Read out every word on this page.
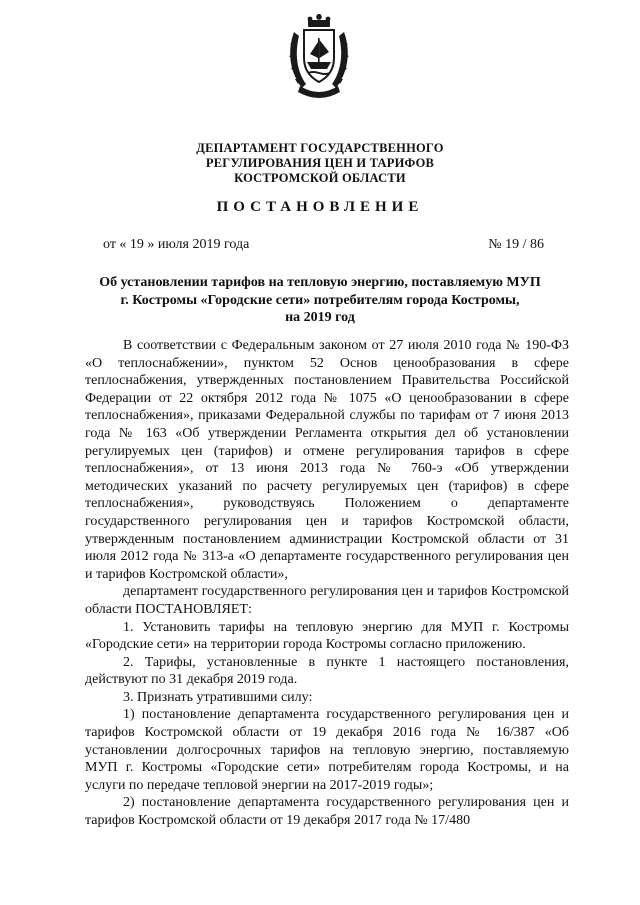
ДЕПАРТАМЕНТ ГОСУДАРСТВЕННОГО
РЕГУЛИРОВАНИЯ ЦЕН И ТАРИФОВ
КОСТРОМСКОЙ ОБЛАСТИ
ПОСТАНОВЛЕНИЕ
от « 19 » июля 2019 года	№ 19 / 86
Об установлении тарифов на тепловую энергию, поставляемую МУП
г. Костромы «Городские сети» потребителям города Костромы,
на 2019 год

В соответствии с Федеральным законом от 27 июля 2010 года № 190-ФЗ «О теплоснабжении», пунктом 52 Основ ценообразования в сфере теплоснабжения, утвержденных постановлением Правительства Российской Федерации от 22 октября 2012 года № 1075 «О ценообразовании в сфере теплоснабжения», приказами Федеральной службы по тарифам от 7 июня 2013 года № 163 «Об утверждении Регламента открытия дел об установлении регулируемых цен (тарифов) и отмене регулирования тарифов в сфере теплоснабжения», от 13 июня 2013 года № 760-э «Об утверждении методических указаний по расчету регулируемых цен (тарифов) в сфере теплоснабжения», руководствуясь Положением о департаменте государственного регулирования цен и тарифов Костромской области, утвержденным постановлением администрации Костромской области от 31 июля 2012 года № 313-а «О департаменте государственного регулирования цен и тарифов Костромской области»,

департамент государственного регулирования цен и тарифов Костромской области ПОСТАНОВЛЯЕТ:

1. Установить тарифы на тепловую энергию для МУП г. Костромы «Городские сети» на территории города Костромы согласно приложению.

2. Тарифы, установленные в пункте 1 настоящего постановления, действуют по 31 декабря 2019 года.

3. Признать утратившими силу:

1) постановление департамента государственного регулирования цен и тарифов Костромской области от 19 декабря 2016 года № 16/387 «Об установлении долгосрочных тарифов на тепловую энергию, поставляемую МУП г. Костромы «Городские сети» потребителям города Костромы, и на услуги по передаче тепловой энергии на 2017-2019 годы»;

2) постановление департамента государственного регулирования цен и тарифов Костромской области от 19 декабря 2017 года № 17/480
